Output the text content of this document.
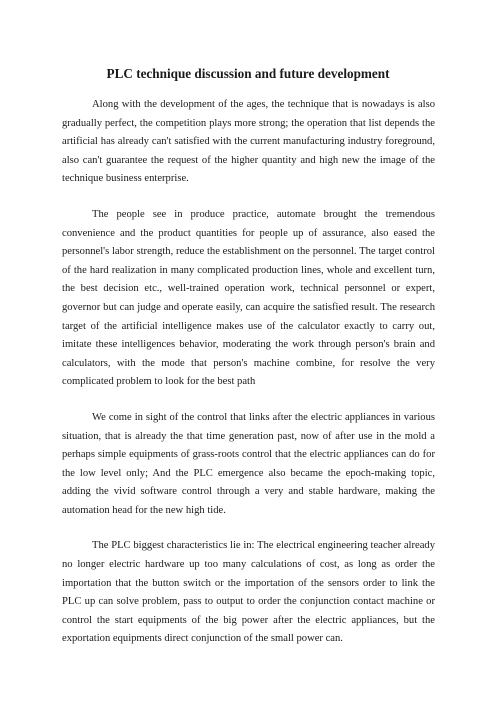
PLC technique discussion and future development

Along with the development of the ages, the technique that is nowadays is also gradually perfect, the competition plays more strong; the operation that list depends the artificial has already can't satisfied with the current manufacturing industry foreground, also can't guarantee the request of the higher quantity and high new the image of the technique business enterprise.

The people see in produce practice, automate brought the tremendous convenience and the product quantities for people up of assurance, also eased the personnel's labor strength, reduce the establishment on the personnel. The target control of the hard realization in many complicated production lines, whole and excellent turn, the best decision etc., well-trained operation work, technical personnel or expert, governor but can judge and operate easily, can acquire the satisfied result. The research target of the artificial intelligence makes use of the calculator exactly to carry out, imitate these intelligences behavior, moderating the work through person's brain and calculators, with the mode that person's machine combine, for resolve the very complicated problem to look for the best path

We come in sight of the control that links after the electric appliances in various situation, that is already the that time generation past, now of after use in the mold a perhaps simple equipments of grass-roots control that the electric appliances can do for the low level only; And the PLC emergence also became the epoch-making topic, adding the vivid software control through a very and stable hardware, making the automation head for the new high tide.

The PLC biggest characteristics lie in: The electrical engineering teacher already no longer electric hardware up too many calculations of cost, as long as order the importation that the button switch or the importation of the sensors order to link the PLC up can solve problem, pass to output to order the conjunction contact machine or control the start equipments of the big power after the electric appliances, but the exportation equipments direct conjunction of the small power can.
